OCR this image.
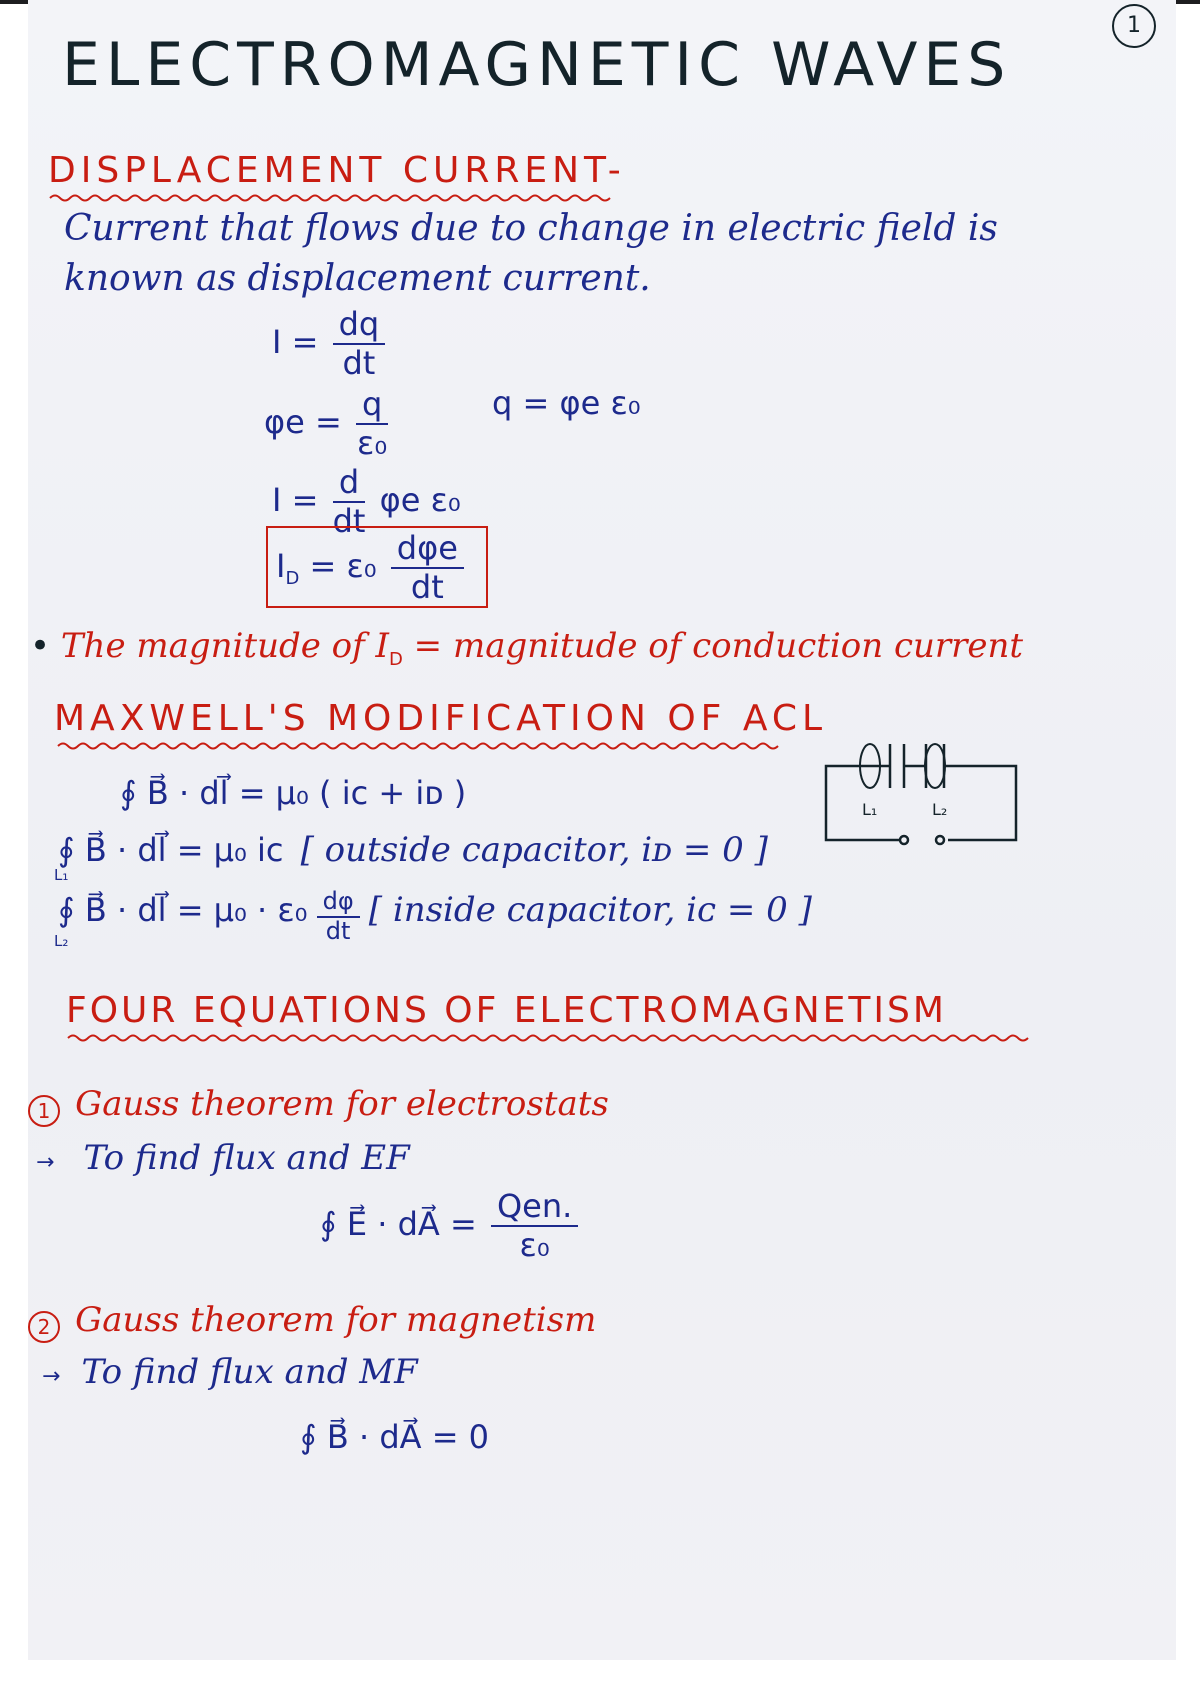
1
ELECTROMAGNETIC WAVES
DISPLACEMENT CURRENT-
Current that flows due to change in electric field is
known as displacement current.
$I = \frac{dq}{dt}$
$\varphi e = \frac{q}{\text{ε₀}}$	q = φe ε₀
$I = \frac{d}{dt}$ φe ε₀
$I_D = \varepsilon_0 \frac{\text{dφe}}{dt}$
• The magnitude of $I_D$ = magnitude of conduction current
MAXWELL'S MODIFICATION OF ACL
L₁	L₂
∮ B⃗ · dl⃗ = μ₀ ( iᴄ + iᴅ )
∮ B⃗ · dl⃗ = μ₀ iᴄ [ outside capacitor, iᴅ = 0 ]
L₁
∮ B⃗ · dl⃗ = $\mu_0 \cdot \varepsilon_0 \frac{d\varphi}{dt}$ [ inside capacitor, iᴄ = 0 ]
L₂
FOUR EQUATIONS OF ELECTROMAGNETISM
1 Gauss theorem for electrostats
→ To find flux and EF
∮ E⃗ · dA⃗ = $\frac{\text{Qen.}}{\text{ε₀}}$
2 Gauss theorem for magnetism
→ To find flux and MF
∮ B⃗ · dA⃗ = 0
